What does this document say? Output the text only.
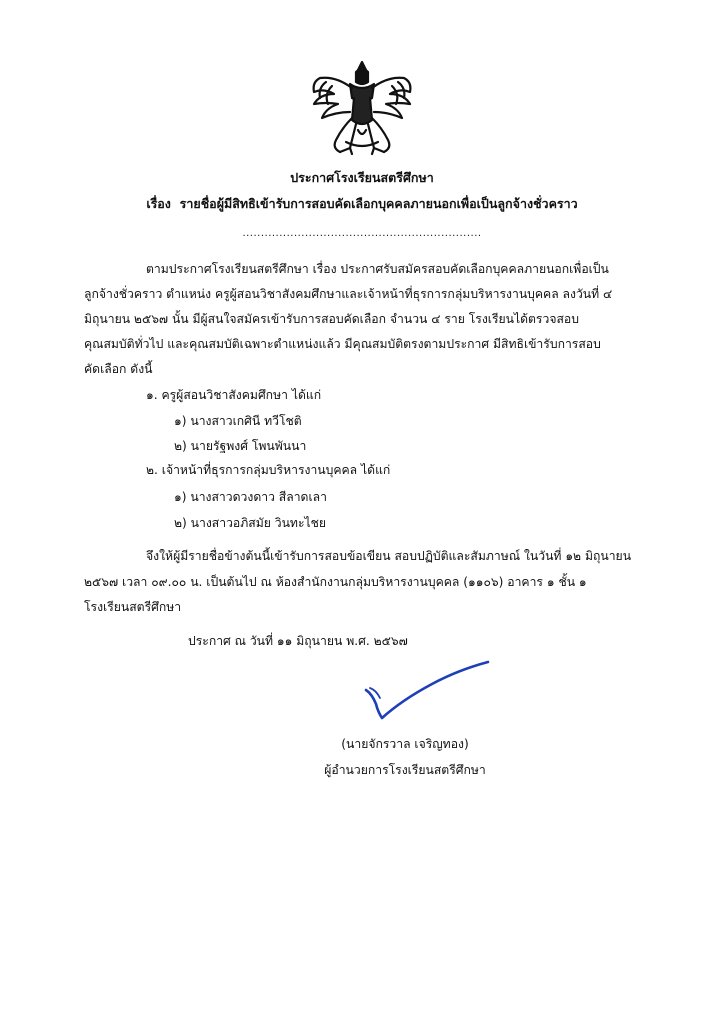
ประกาศโรงเรียนสตรีศึกษา
เรื่อง รายชื่อผู้มีสิทธิเข้ารับการสอบคัดเลือกบุคคลภายนอกเพื่อเป็นลูกจ้างชั่วคราว
.................................................................
ตามประกาศโรงเรียนสตรีศึกษา เรื่อง ประกาศรับสมัครสอบคัดเลือกบุคคลภายนอกเพื่อเป็น
ลูกจ้างชั่วคราว ตำแหน่ง ครูผู้สอนวิชาสังคมศึกษาและเจ้าหน้าที่ธุรการกลุ่มบริหารงานบุคคล ลงวันที่ ๔
มิถุนายน ๒๕๖๗ นั้น มีผู้สนใจสมัครเข้ารับการสอบคัดเลือก จำนวน ๔ ราย โรงเรียนได้ตรวจสอบ
คุณสมบัติทั่วไป และคุณสมบัติเฉพาะตำแหน่งแล้ว มีคุณสมบัติตรงตามประกาศ มีสิทธิเข้ารับการสอบ
คัดเลือก ดังนี้
๑. ครูผู้สอนวิชาสังคมศึกษา ได้แก่
๑) นางสาวเกศินี ทวีโชติ
๒) นายรัฐพงศ์ โพนพันนา
๒. เจ้าหน้าที่ธุรการกลุ่มบริหารงานบุคคล ได้แก่
๑) นางสาวดวงดาว สีลาดเลา
๒) นางสาวอภิสมัย วินทะไชย
จึงให้ผู้มีรายชื่อข้างต้นนี้เข้ารับการสอบข้อเขียน สอบปฏิบัติและสัมภาษณ์ ในวันที่ ๑๒ มิถุนายน
๒๕๖๗ เวลา ๐๙.๐๐ น. เป็นต้นไป ณ ห้องสำนักงานกลุ่มบริหารงานบุคคล (๑๑๐๖) อาคาร ๑ ชั้น ๑
โรงเรียนสตรีศึกษา
ประกาศ ณ วันที่ ๑๑ มิถุนายน พ.ศ. ๒๕๖๗
(นายจักรวาล เจริญทอง)
ผู้อำนวยการโรงเรียนสตรีศึกษา
